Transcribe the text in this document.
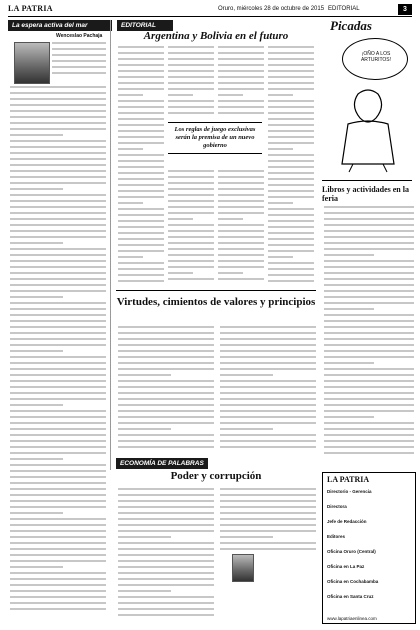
LA PATRIA	Oruro, miércoles 28 de octubre de 2015 EDITORIAL	3
La espera activa del mar
Wenceslao Pachaja
EDITORIAL
Argentina y Bolivia en el futuro
Los reglas de juego exclusivas serán la premisa de un nuevo gobierno
Picadas
¡OÑO A LOS ARTURITOS!
Libros y actividades en la feria
Virtudes, cimientos de valores y principios
ECONOMÍA DE PALABRAS
Poder y corrupción	LA PATRIA
Directorio - Gerencia
Directora
Jefe de Redacción
Editores
Oficina Oruro (Central)
Oficina en La Paz
Oficina en Cochabamba
Oficina en Santa Cruz
www.lapatriaenlinea.com
